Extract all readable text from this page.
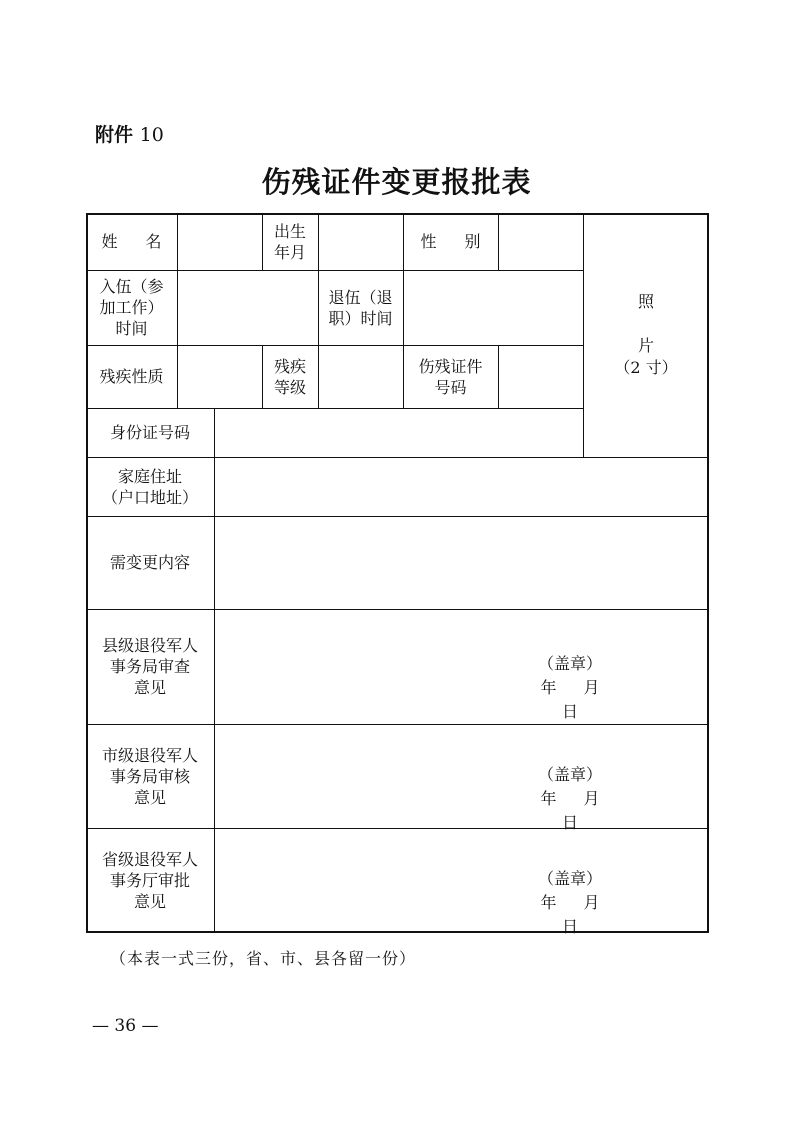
附件 10
伤残证件变更报批表
姓名
出生
年月
性别
照
片
（2 寸）
入伍（参
加工作）
时间
退伍（退
职）时间
残疾性质
残疾
等级
伤残证件
号码
身份证号码
家庭住址
（户口地址）
需变更内容
县级退役军人
事务局审查
意见
（盖章）
年 月 日
市级退役军人
事务局审核
意见
（盖章）
年 月 日
省级退役军人
事务厅审批
意见
（盖章）
年 月 日
（本表一式三份，省、市、县各留一份）
— 36 —
